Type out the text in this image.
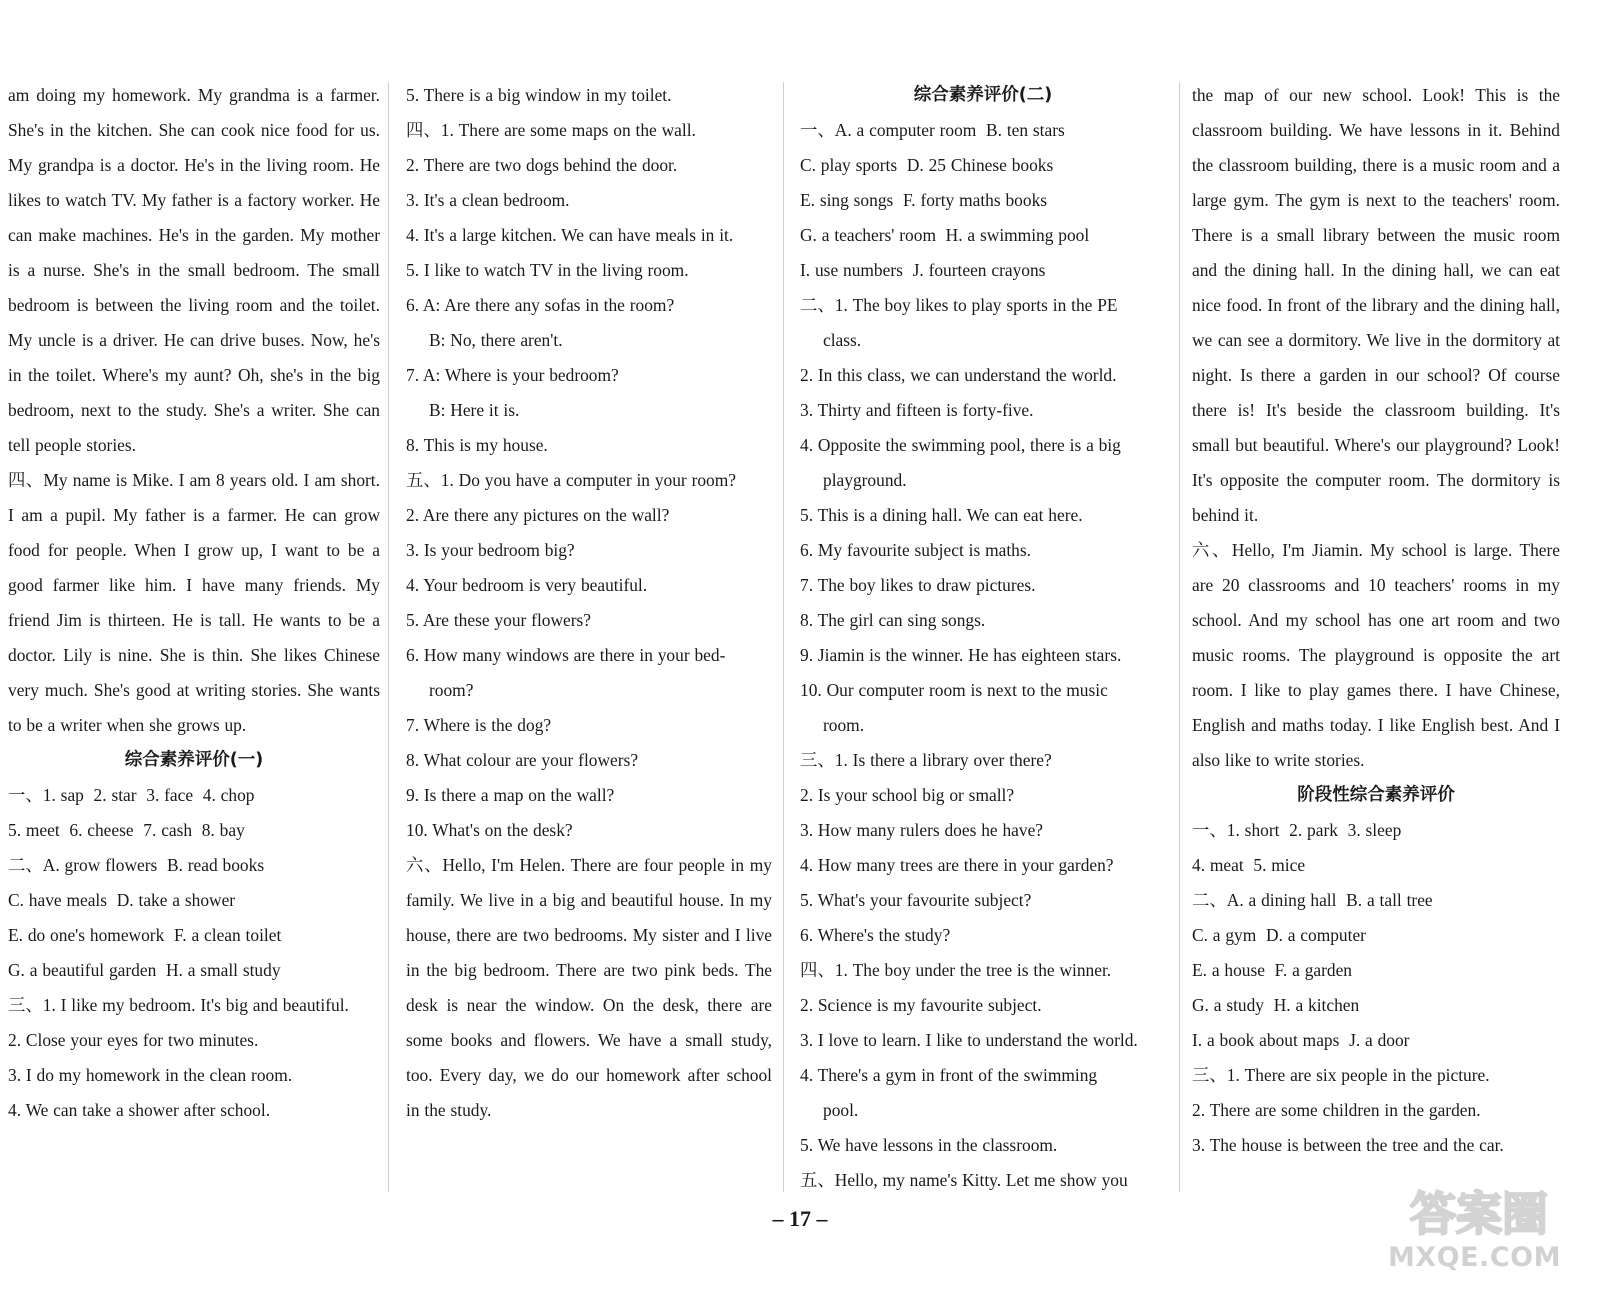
am doing my homework. My grandma is a farmer. She's in the kitchen. She can cook nice food for us. My grandpa is a doctor. He's in the living room. He likes to watch TV. My father is a factory worker. He can make machines. He's in the garden. My mother is a nurse. She's in the small bedroom. The small bedroom is between the living room and the toilet. My uncle is a driver. He can drive buses. Now, he's in the toilet. Where's my aunt? Oh, she's in the big bedroom, next to the study. She's a writer. She can tell people stories.

四、My name is Mike. I am 8 years old. I am short. I am a pupil. My father is a farmer. He can grow food for people. When I grow up, I want to be a good farmer like him. I have many friends. My friend Jim is thirteen. He is tall. He wants to be a doctor. Lily is nine. She is thin. She likes Chinese very much. She's good at writing stories. She wants to be a writer when she grows up.

综合素养评价(一)

一、1. sap  2. star  3. face  4. chop

5. meet  6. cheese  7. cash  8. bay

二、A. grow flowers  B. read books

C. have meals  D. take a shower

E. do one's homework  F. a clean toilet

G. a beautiful garden  H. a small study

三、1. I like my bedroom. It's big and beautiful.

2. Close your eyes for two minutes.

3. I do my homework in the clean room.

4. We can take a shower after school.

5. There is a big window in my toilet.

四、1. There are some maps on the wall.

2. There are two dogs behind the door.

3. It's a clean bedroom.

4. It's a large kitchen. We can have meals in it.

5. I like to watch TV in the living room.

6. A: Are there any sofas in the room?

B: No, there aren't.

7. A: Where is your bedroom?

B: Here it is.

8. This is my house.

五、1. Do you have a computer in your room?

2. Are there any pictures on the wall?

3. Is your bedroom big?

4. Your bedroom is very beautiful.

5. Are these your flowers?

6. How many windows are there in your bed-

room?

7. Where is the dog?

8. What colour are your flowers?

9. Is there a map on the wall?

10. What's on the desk?

六、Hello, I'm Helen. There are four people in my family. We live in a big and beautiful house. In my house, there are two bedrooms. My sister and I live in the big bedroom. There are two pink beds. The desk is near the window. On the desk, there are some books and flowers. We have a small study, too. Every day, we do our homework after school in the study.

综合素养评价(二)

一、A. a computer room  B. ten stars

C. play sports  D. 25 Chinese books

E. sing songs  F. forty maths books

G. a teachers' room  H. a swimming pool

I. use numbers  J. fourteen crayons

二、1. The boy likes to play sports in the PE

class.

2. In this class, we can understand the world.

3. Thirty and fifteen is forty-five.

4. Opposite the swimming pool, there is a big

playground.

5. This is a dining hall. We can eat here.

6. My favourite subject is maths.

7. The boy likes to draw pictures.

8. The girl can sing songs.

9. Jiamin is the winner. He has eighteen stars.

10. Our computer room is next to the music

room.

三、1. Is there a library over there?

2. Is your school big or small?

3. How many rulers does he have?

4. How many trees are there in your garden?

5. What's your favourite subject?

6. Where's the study?

四、1. The boy under the tree is the winner.

2. Science is my favourite subject.

3. I love to learn. I like to understand the world.

4. There's a gym in front of the swimming

pool.

5. We have lessons in the classroom.

五、Hello, my name's Kitty. Let me show you

the map of our new school. Look! This is the classroom building. We have lessons in it. Behind the classroom building, there is a music room and a large gym. The gym is next to the teachers' room. There is a small library between the music room and the dining hall. In the dining hall, we can eat nice food. In front of the library and the dining hall, we can see a dormitory. We live in the dormitory at night. Is there a garden in our school? Of course there is! It's beside the classroom building. It's small but beautiful. Where's our playground? Look! It's opposite the computer room. The dormitory is behind it.

六、Hello, I'm Jiamin. My school is large. There are 20 classrooms and 10 teachers' rooms in my school. And my school has one art room and two music rooms. The playground is opposite the art room. I like to play games there. I have Chinese, English and maths today. I like English best. And I also like to write stories.

阶段性综合素养评价

一、1. short  2. park  3. sleep

4. meat  5. mice

二、A. a dining hall  B. a tall tree

C. a gym  D. a computer

E. a house  F. a garden

G. a study  H. a kitchen

I. a book about maps  J. a door

三、1. There are six people in the picture.

2. There are some children in the garden.

3. The house is between the tree and the car.

– 17 –	答案圈
MXQE.COM
